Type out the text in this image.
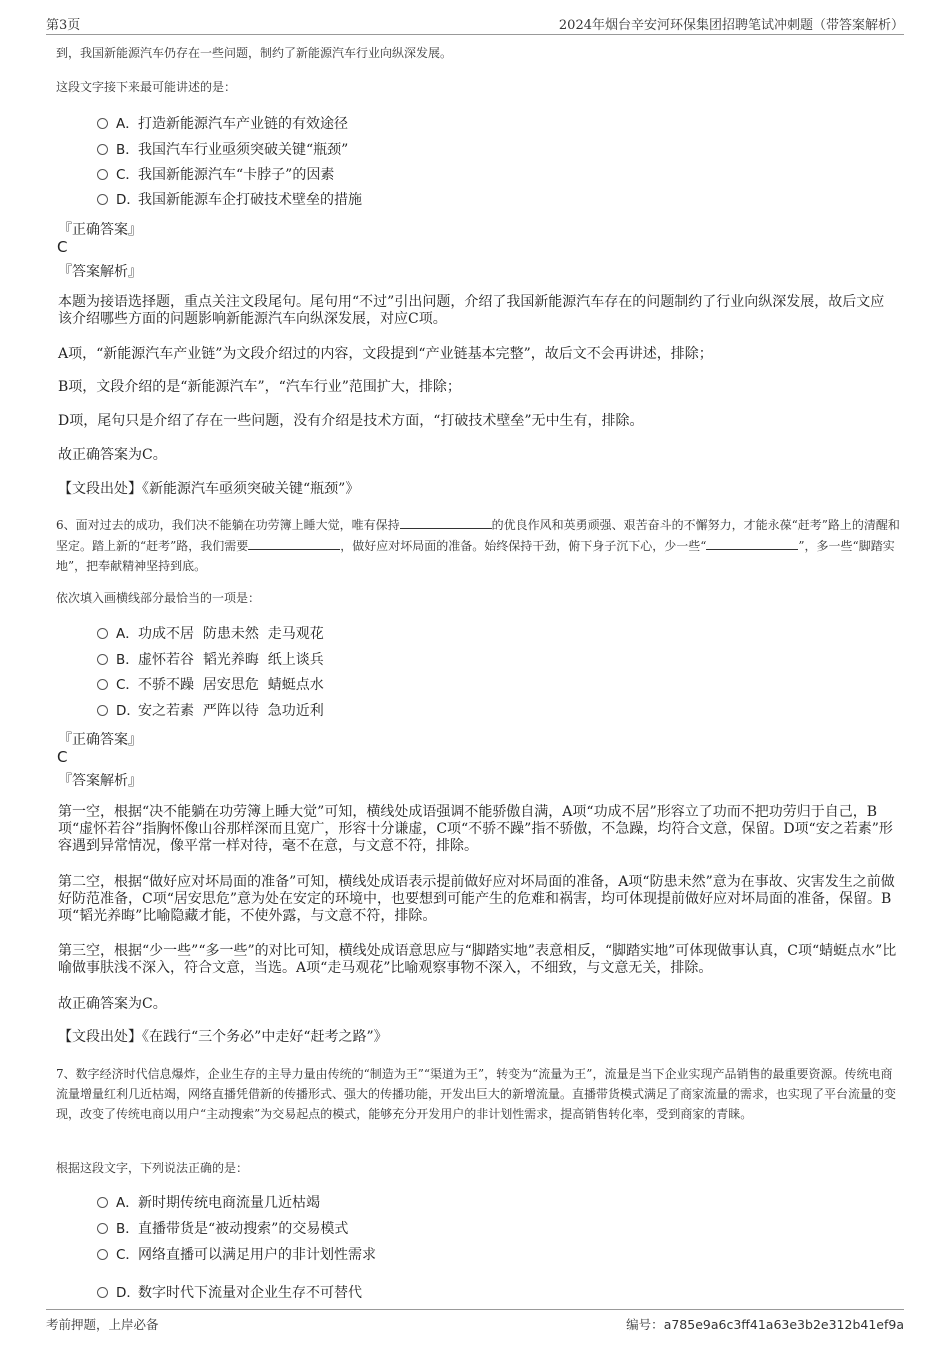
第3页	2024年烟台辛安河环保集团招聘笔试冲刺题（带答案解析）
到，我国新能源汽车仍存在一些问题，制约了新能源汽车行业向纵深发展。
这段文字接下来最可能讲述的是：
A．打造新能源汽车产业链的有效途径
B．我国汽车行业亟须突破关键“瓶颈”
C．我国新能源汽车“卡脖子”的因素
D．我国新能源车企打破技术壁垒的措施
『正确答案』
C
『答案解析』
本题为接语选择题，重点关注文段尾句。尾句用“不过”引出问题，介绍了我国新能源汽车存在的问题制约了行业向纵深发展，故后文应该介绍哪些方面的问题影响新能源汽车向纵深发展，对应C项。
A项，“新能源汽车产业链”为文段介绍过的内容，文段提到“产业链基本完整”，故后文不会再讲述，排除；
B项，文段介绍的是“新能源汽车”，“汽车行业”范围扩大，排除；
D项，尾句只是介绍了存在一些问题，没有介绍是技术方面，“打破技术壁垒”无中生有，排除。
故正确答案为C。
【文段出处】《新能源汽车亟须突破关键“瓶颈”》
6、面对过去的成功，我们决不能躺在功劳簿上睡大觉，唯有保持	的优良作风和英勇顽强、艰苦奋斗的不懈努力，才能永葆“赶考”路上的清醒和坚定。踏上新的“赶考”路，我们需要	，做好应对坏局面的准备。始终保持干劲，俯下身子沉下心，少一些“	”，多一些“脚踏实地”，把奉献精神坚持到底。
依次填入画横线部分最恰当的一项是：
A．功成不居  防患未然  走马观花
B．虚怀若谷  韬光养晦  纸上谈兵
C．不骄不躁  居安思危  蜻蜓点水
D．安之若素  严阵以待  急功近利
『正确答案』
C
『答案解析』
第一空，根据“决不能躺在功劳簿上睡大觉”可知，横线处成语强调不能骄傲自满，A项“功成不居”形容立了功而不把功劳归于自己，B项“虚怀若谷”指胸怀像山谷那样深而且宽广，形容十分谦虚，C项“不骄不躁”指不骄傲，不急躁，均符合文意，保留。D项“安之若素”形容遇到异常情况，像平常一样对待，毫不在意，与文意不符，排除。
第二空，根据“做好应对坏局面的准备”可知，横线处成语表示提前做好应对坏局面的准备，A项“防患未然”意为在事故、灾害发生之前做好防范准备，C项“居安思危”意为处在安定的环境中，也要想到可能产生的危难和祸害，均可体现提前做好应对坏局面的准备，保留。B项“韬光养晦”比喻隐藏才能，不使外露，与文意不符，排除。
第三空，根据“少一些”“多一些”的对比可知，横线处成语意思应与“脚踏实地”表意相反，“脚踏实地”可体现做事认真，C项“蜻蜓点水”比喻做事肤浅不深入，符合文意，当选。A项“走马观花”比喻观察事物不深入，不细致，与文意无关，排除。
故正确答案为C。
【文段出处】《在践行“三个务必”中走好“赶考之路”》
7、数字经济时代信息爆炸，企业生存的主导力量由传统的“制造为王”“渠道为王”，转变为“流量为王”，流量是当下企业实现产品销售的最重要资源。传统电商流量增量红利几近枯竭，网络直播凭借新的传播形式、强大的传播功能，开发出巨大的新增流量。直播带货模式满足了商家流量的需求，也实现了平台流量的变现，改变了传统电商以用户“主动搜索”为交易起点的模式，能够充分开发用户的非计划性需求，提高销售转化率，受到商家的青睐。
根据这段文字，下列说法正确的是：
A．新时期传统电商流量几近枯竭
B．直播带货是“被动搜索”的交易模式
C．网络直播可以满足用户的非计划性需求
D．数字时代下流量对企业生存不可替代
考前押题，上岸必备	编号：a785e9a6c3ff41a63e3b2e312b41ef9a
